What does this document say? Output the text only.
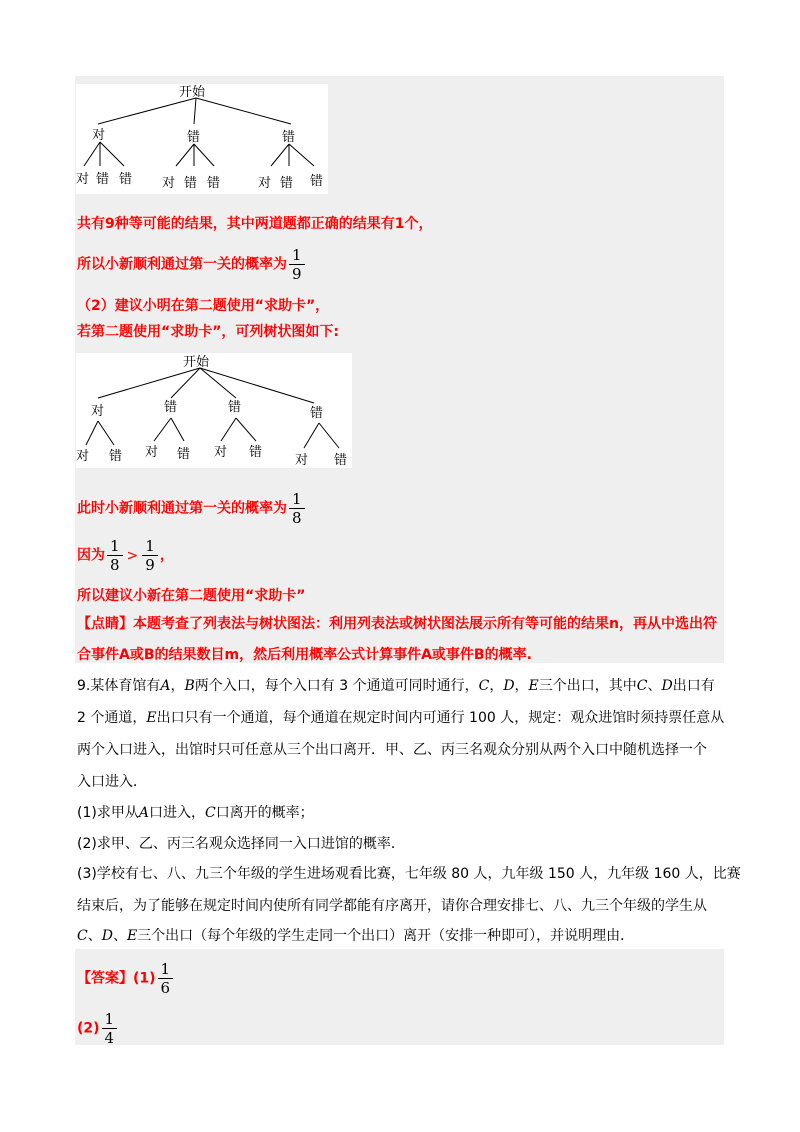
开始
对	错	错
对 错 错 对 错 错	对 错 错
共有9种等可能的结果，其中两道题都正确的结果有1个，
所以小新顺利通过第一关的概率为 $\frac{1}{9}$
（2）建议小明在第二题使用“求助卡”，
若第二题使用“求助卡”，可列树状图如下:
开始
对	错	错	错
对 错 对 错 对 错
对 错
此时小新顺利通过第一关的概率为 $\frac{1}{8}$
因为 $\frac{1}{8} > \frac{1}{9}$ ，
所以建议小新在第二题使用“求助卡”
【点睛】本题考查了列表法与树状图法：利用列表法或树状图法展示所有等可能的结果n，再从中选出符
合事件A或B的结果数目m，然后利用概率公式计算事件A或事件B的概率.
9.某体育馆有A，B两个入口，每个入口有 3 个通道可同时通行，C，D，E三个出口，其中C、D出口有
2 个通道，E出口只有一个通道，每个通道在规定时间内可通行 100 人，规定：观众进馆时须持票任意从
两个入口进入，出馆时只可任意从三个出口离开．甲、乙、丙三名观众分别从两个入口中随机选择一个
入口进入．
(1)求甲从A口进入，C口离开的概率；
(2)求甲、乙、丙三名观众选择同一入口进馆的概率．
(3)学校有七、八、九三个年级的学生进场观看比赛，七年级 80 人，九年级 150 人，九年级 160 人，比赛
结束后，为了能够在规定时间内使所有同学都能有序离开，请你合理安排七、八、九三个年级的学生从
C、D、E三个出口（每个年级的学生走同一个出口）离开（安排一种即可），并说明理由．
【答案】$(1) \frac{1}{6}$
$(2) \frac{1}{4}$
